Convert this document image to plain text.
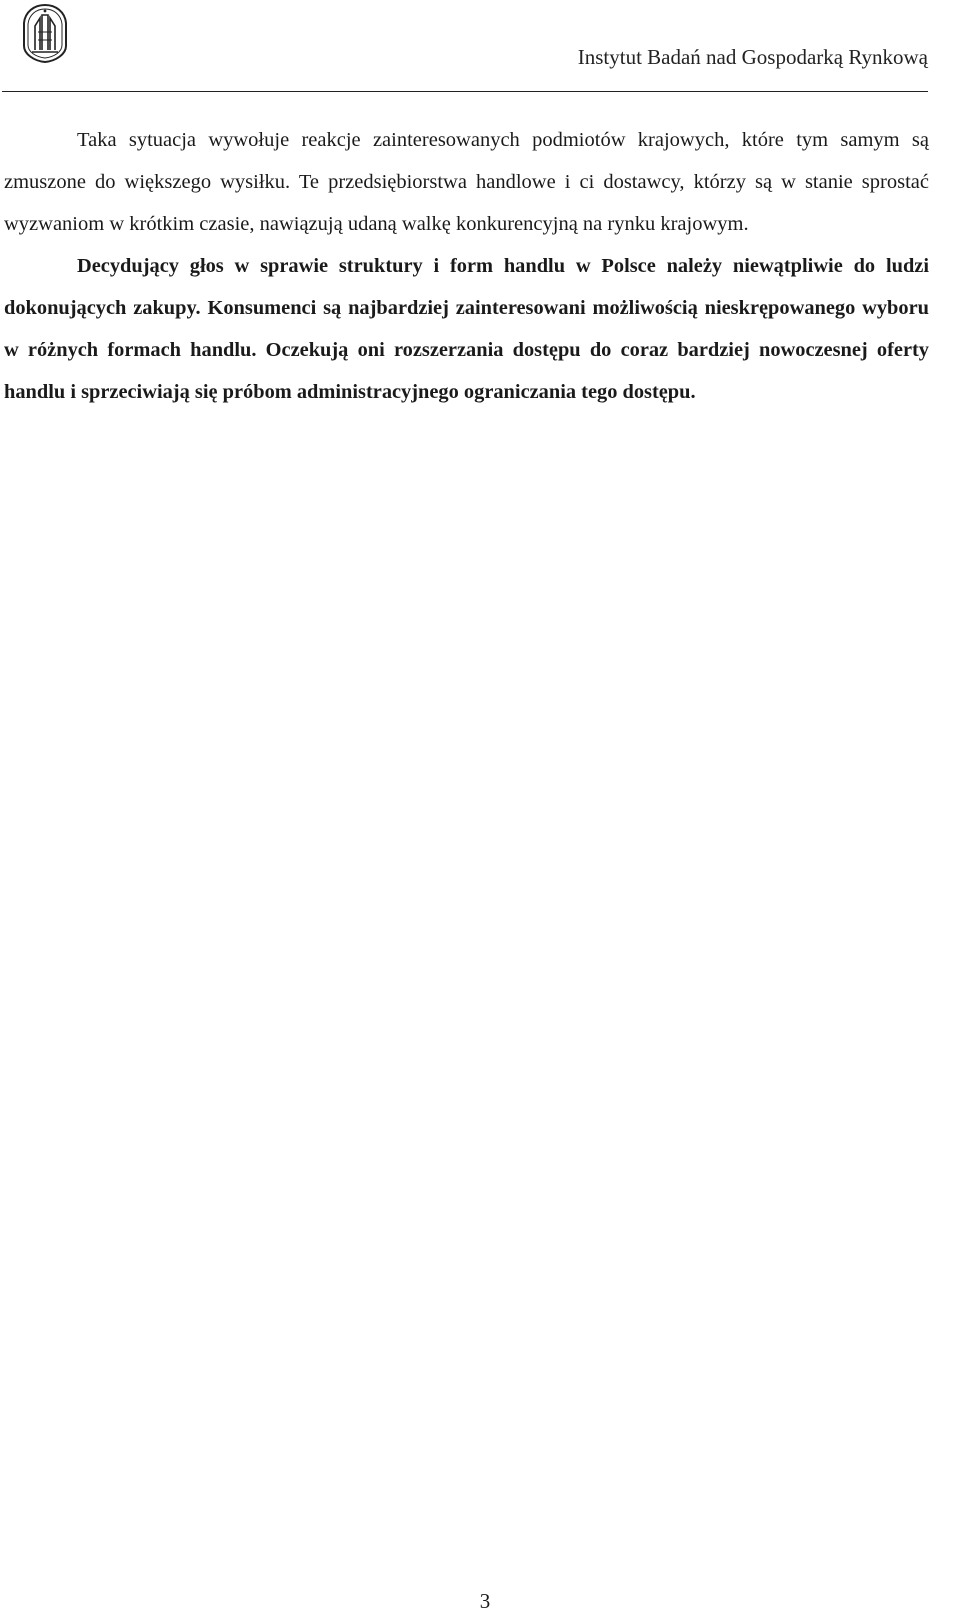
Instytut Badań nad Gospodarką Rynkową

Taka sytuacja wywołuje reakcje zainteresowanych podmiotów krajowych, które tym samym są zmuszone do większego wysiłku. Te przedsiębiorstwa handlowe i ci dostawcy, którzy są w stanie sprostać wyzwaniom w krótkim czasie, nawiązują udaną walkę konkurencyjną na rynku krajowym.

Decydujący głos w sprawie struktury i form handlu w Polsce należy niewątpliwie do ludzi dokonujących zakupy. Konsumenci są najbardziej zainteresowani możliwością nieskrępowanego wyboru w różnych formach handlu. Oczekują oni rozszerzania dostępu do coraz bardziej nowoczesnej oferty handlu i sprzeciwiają się próbom administracyjnego ograniczania tego dostępu.

3
